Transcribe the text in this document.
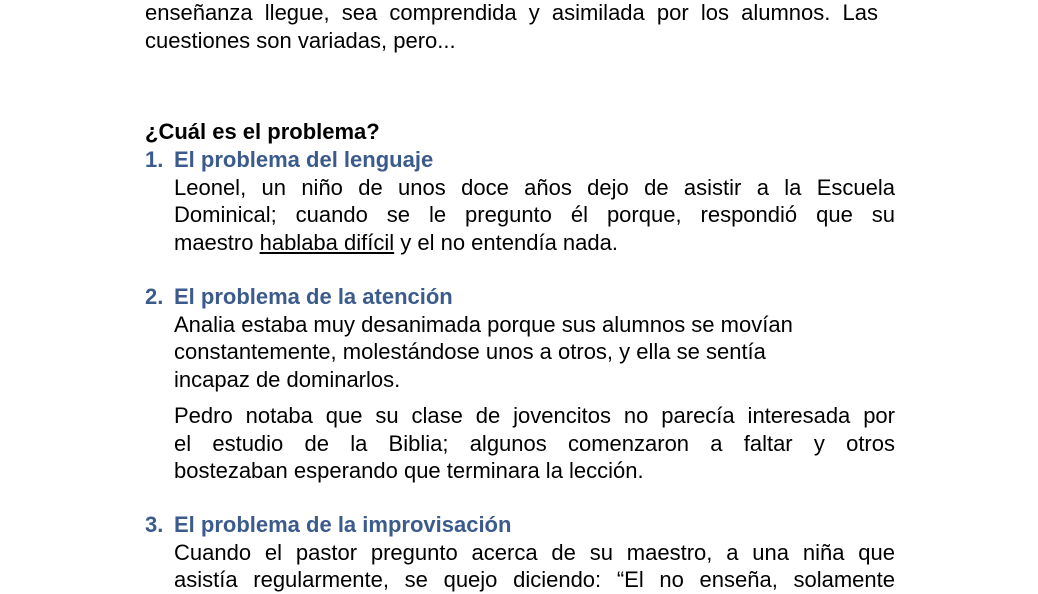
enseñanza llegue, sea comprendida y asimilada por los alumnos. Las
cuestiones son variadas, pero...
¿Cuál es el problema?
1. El problema del lenguaje
Leonel, un niño de unos doce años dejo de asistir a la Escuela
Dominical; cuando se le pregunto él porque, respondió que su
maestro hablaba difícil y el no entendía nada.
2. El problema de la atención
Analia estaba muy desanimada porque sus alumnos se movían
constantemente, molestándose unos a otros, y ella se sentía
incapaz de dominarlos.
Pedro notaba que su clase de jovencitos no parecía interesada por
el estudio de la Biblia; algunos comenzaron a faltar y otros
bostezaban esperando que terminara la lección.
3. El problema de la improvisación
Cuando el pastor pregunto acerca de su maestro, a una niña que
asistía regularmente, se quejo diciendo: “El no enseña, solamente
